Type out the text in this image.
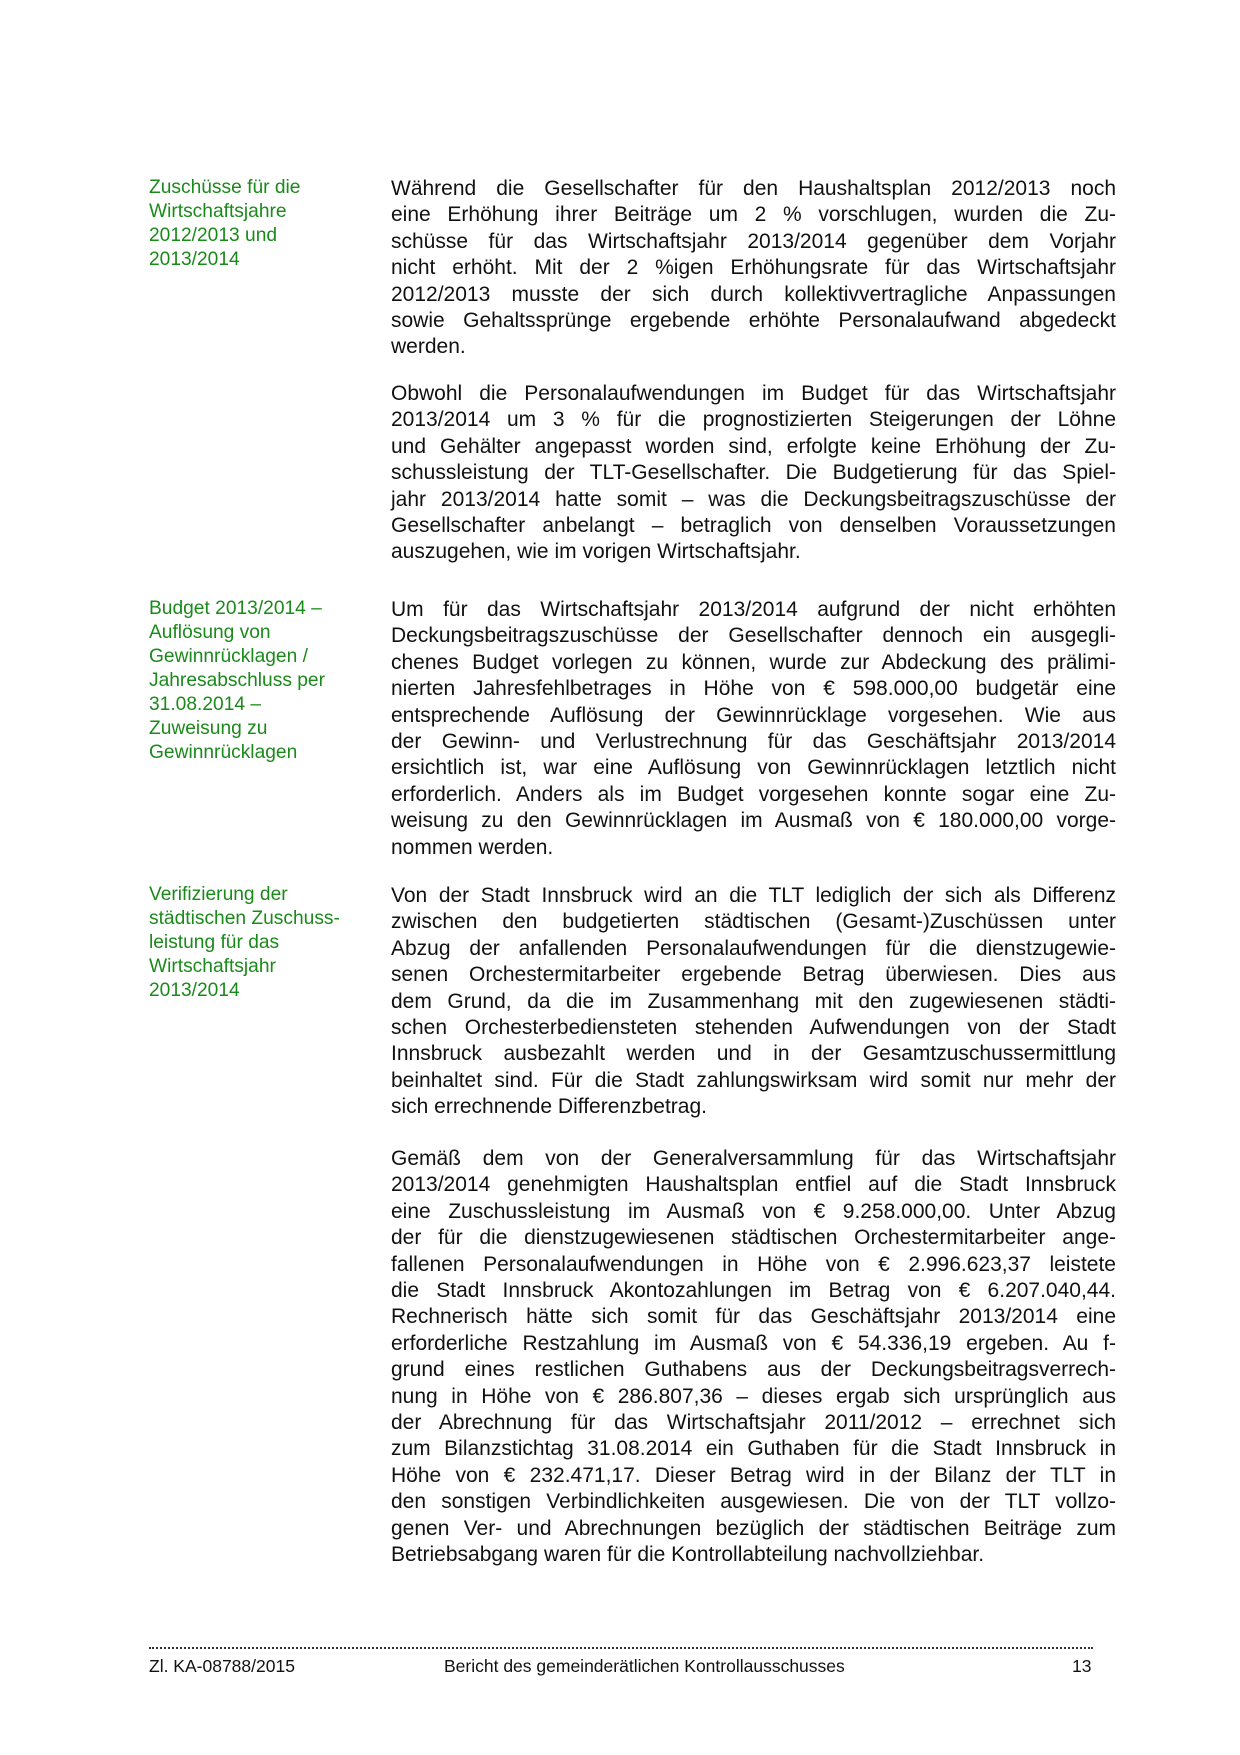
Zuschüsse für die
Wirtschaftsjahre
2012/2013 und
2013/2014
Während die Gesellschafter für den Haushaltsplan 2012/2013 noch
eine Erhöhung ihrer Beiträge um 2 % vorschlugen, wurden die Zu-
schüsse für das Wirtschaftsjahr 2013/2014 gegenüber dem Vorjahr
nicht erhöht. Mit der 2 %igen Erhöhungsrate für das Wirtschaftsjahr
2012/2013 musste der sich durch kollektivvertragliche Anpassungen
sowie Gehaltssprünge ergebende erhöhte Personalaufwand abgedeckt
werden.
Obwohl die Personalaufwendungen im Budget für das Wirtschaftsjahr
2013/2014 um 3 % für die prognostizierten Steigerungen der Löhne
und Gehälter angepasst worden sind, erfolgte keine Erhöhung der Zu-
schussleistung der TLT-Gesellschafter. Die Budgetierung für das Spiel-
jahr 2013/2014 hatte somit – was die Deckungsbeitragszuschüsse der
Gesellschafter anbelangt – betraglich von denselben Voraussetzungen
auszugehen, wie im vorigen Wirtschaftsjahr.
Budget 2013/2014 –
Auflösung von
Gewinnrücklagen /
Jahresabschluss per
31.08.2014 –
Zuweisung zu
Gewinnrücklagen
Um für das Wirtschaftsjahr 2013/2014 aufgrund der nicht erhöhten
Deckungsbeitragszuschüsse der Gesellschafter dennoch ein ausgegli-
chenes Budget vorlegen zu können, wurde zur Abdeckung des prälimi-
nierten Jahresfehlbetrages in Höhe von € 598.000,00 budgetär eine
entsprechende Auflösung der Gewinnrücklage vorgesehen. Wie aus
der Gewinn- und Verlustrechnung für das Geschäftsjahr 2013/2014
ersichtlich ist, war eine Auflösung von Gewinnrücklagen letztlich nicht
erforderlich. Anders als im Budget vorgesehen konnte sogar eine Zu-
weisung zu den Gewinnrücklagen im Ausmaß von € 180.000,00 vorge-
nommen werden.
Verifizierung der
städtischen Zuschuss-
leistung für das
Wirtschaftsjahr
2013/2014
Von der Stadt Innsbruck wird an die TLT lediglich der sich als Differenz
zwischen den budgetierten städtischen (Gesamt-)Zuschüssen unter
Abzug der anfallenden Personalaufwendungen für die dienstzugewie-
senen Orchestermitarbeiter ergebende Betrag überwiesen. Dies aus
dem Grund, da die im Zusammenhang mit den zugewiesenen städti-
schen Orchesterbediensteten stehenden Aufwendungen von der Stadt
Innsbruck ausbezahlt werden und in der Gesamtzuschussermittlung
beinhaltet sind. Für die Stadt zahlungswirksam wird somit nur mehr der
sich errechnende Differenzbetrag.
Gemäß dem von der Generalversammlung für das Wirtschaftsjahr
2013/2014 genehmigten Haushaltsplan entfiel auf die Stadt Innsbruck
eine Zuschussleistung im Ausmaß von € 9.258.000,00. Unter Abzug
der für die dienstzugewiesenen städtischen Orchestermitarbeiter ange-
fallenen Personalaufwendungen in Höhe von € 2.996.623,37 leistete
die Stadt Innsbruck Akontozahlungen im Betrag von € 6.207.040,44.
Rechnerisch hätte sich somit für das Geschäftsjahr 2013/2014 eine
erforderliche Restzahlung im Ausmaß von € 54.336,19 ergeben. Au f-
grund eines restlichen Guthabens aus der Deckungsbeitragsverrech-
nung in Höhe von € 286.807,36 – dieses ergab sich ursprünglich aus
der Abrechnung für das Wirtschaftsjahr 2011/2012 – errechnet sich
zum Bilanzstichtag 31.08.2014 ein Guthaben für die Stadt Innsbruck in
Höhe von € 232.471,17. Dieser Betrag wird in der Bilanz der TLT in
den sonstigen Verbindlichkeiten ausgewiesen. Die von der TLT vollzo-
genen Ver- und Abrechnungen bezüglich der städtischen Beiträge zum
Betriebsabgang waren für die Kontrollabteilung nachvollziehbar.
Zl. KA-08788/2015	Bericht des gemeinderätlichen Kontrollausschusses	13
